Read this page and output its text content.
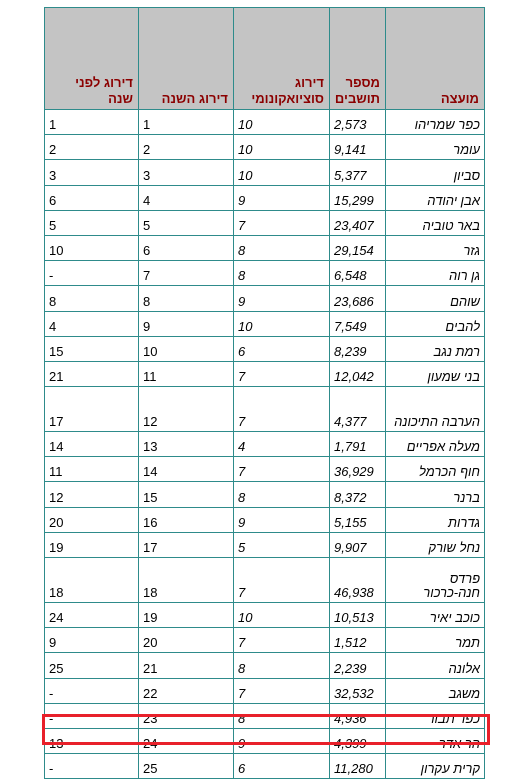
מועצה	מספר תושבים	דירוג סוציואקונומי	דירוג השנה	דירוג לפני שנה
כפר שמריהו	2,573	10	1	1
עומר	9,141	10	2	2
סביון	5,377	10	3	3
אבן יהודה	15,299	9	4	6
באר טוביה	23,407	7	5	5
גזר	29,154	8	6	10
גן רוה	6,548	8	7	-
שוהם	23,686	9	8	8
להבים	7,549	10	9	4
רמת נגב	8,239	6	10	15
בני שמעון	12,042	7	11	21
הערבה התיכונה	4,377	7	12	17
מעלה אפריים	1,791	4	13	14
חוף הכרמל	36,929	7	14	11
ברנר	8,372	8	15	12
גדרות	5,155	9	16	20
נחל שורק	9,907	5	17	19
פרדס חנה-כרכור	46,938	7	18	18
כוכב יאיר	10,513	10	19	24
תמר	1,512	7	20	9
אלונה	2,239	8	21	25
משגב	32,532	7	22	-
כפר תבור	4,936	8	23	-
הר אדר	4,399	9	24	13
קרית עקרון	11,280	6	25	-
